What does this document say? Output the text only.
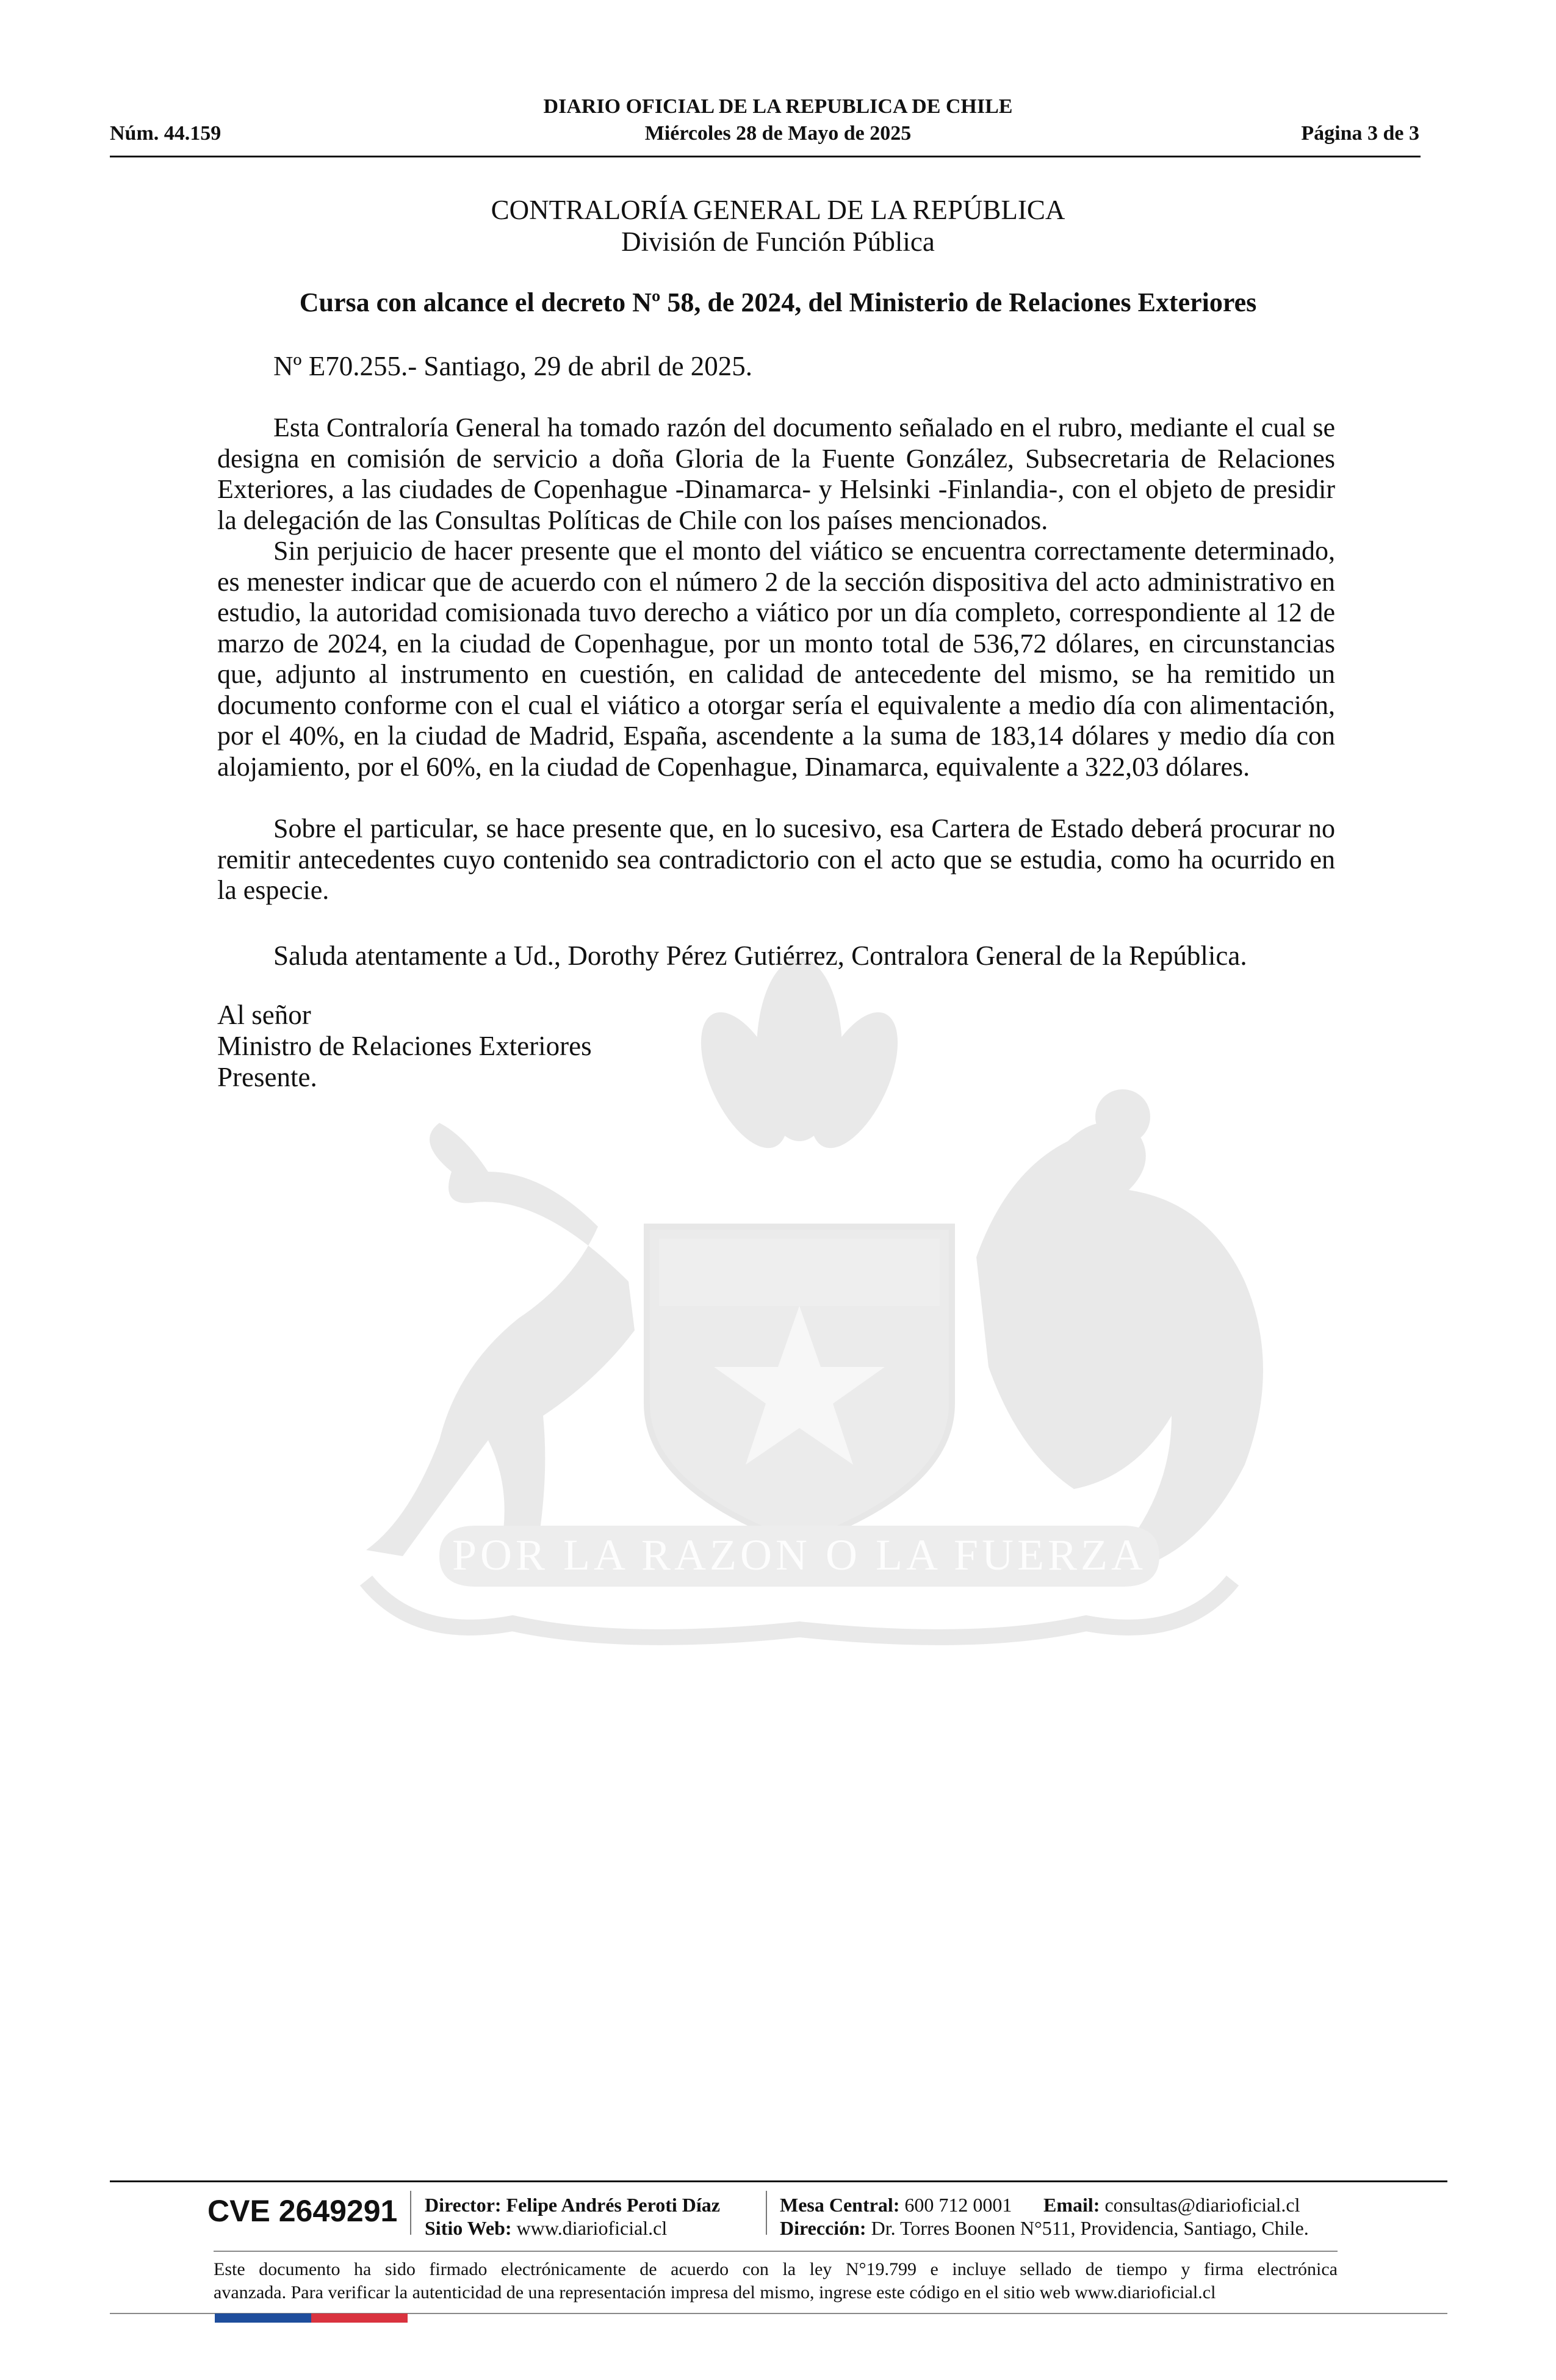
DIARIO OFICIAL DE LA REPUBLICA DE CHILE
Núm. 44.159	Miércoles 28 de Mayo de 2025	Página 3 de 3
POR LA RAZON O LA FUERZA
CONTRALORÍA GENERAL DE LA REPÚBLICA
División de Función Pública
Cursa con alcance el decreto Nº 58, de 2024, del Ministerio de Relaciones Exteriores
Nº E70.255.- Santiago, 29 de abril de 2025.

Esta Contraloría General ha tomado razón del documento señalado en el rubro, mediante el cual se designa en comisión de servicio a doña Gloria de la Fuente González, Subsecretaria de Relaciones Exteriores, a las ciudades de Copenhague -Dinamarca- y Helsinki -Finlandia-, con el objeto de presidir la delegación de las Consultas Políticas de Chile con los países mencionados.

Sin perjuicio de hacer presente que el monto del viático se encuentra correctamente determinado, es menester indicar que de acuerdo con el número 2 de la sección dispositiva del acto administrativo en estudio, la autoridad comisionada tuvo derecho a viático por un día completo, correspondiente al 12 de marzo de 2024, en la ciudad de Copenhague, por un monto total de 536,72 dólares, en circunstancias que, adjunto al instrumento en cuestión, en calidad de antecedente del mismo, se ha remitido un documento conforme con el cual el viático a otorgar sería el equivalente a medio día con alimentación, por el 40%, en la ciudad de Madrid, España, ascendente a la suma de 183,14 dólares y medio día con alojamiento, por el 60%, en la ciudad de Copenhague, Dinamarca, equivalente a 322,03 dólares.

Sobre el particular, se hace presente que, en lo sucesivo, esa Cartera de Estado deberá procurar no remitir antecedentes cuyo contenido sea contradictorio con el acto que se estudia, como ha ocurrido en la especie.

Saluda atentamente a Ud., Dorothy Pérez Gutiérrez, Contralora General de la República.
Al señor
Ministro de Relaciones Exteriores
Presente.
CVE 2649291 Director: Felipe Andrés Peroti Díaz
Sitio Web: www.diarioficial.cl
Mesa Central: 600 712 0001 Email: consultas@diarioficial.cl
Dirección: Dr. Torres Boonen N°511, Providencia, Santiago, Chile.
Este documento ha sido firmado electrónicamente de acuerdo con la ley N°19.799 e incluye sellado de tiempo y firma electrónica
avanzada. Para verificar la autenticidad de una representación impresa del mismo, ingrese este código en el sitio web www.diarioficial.cl
